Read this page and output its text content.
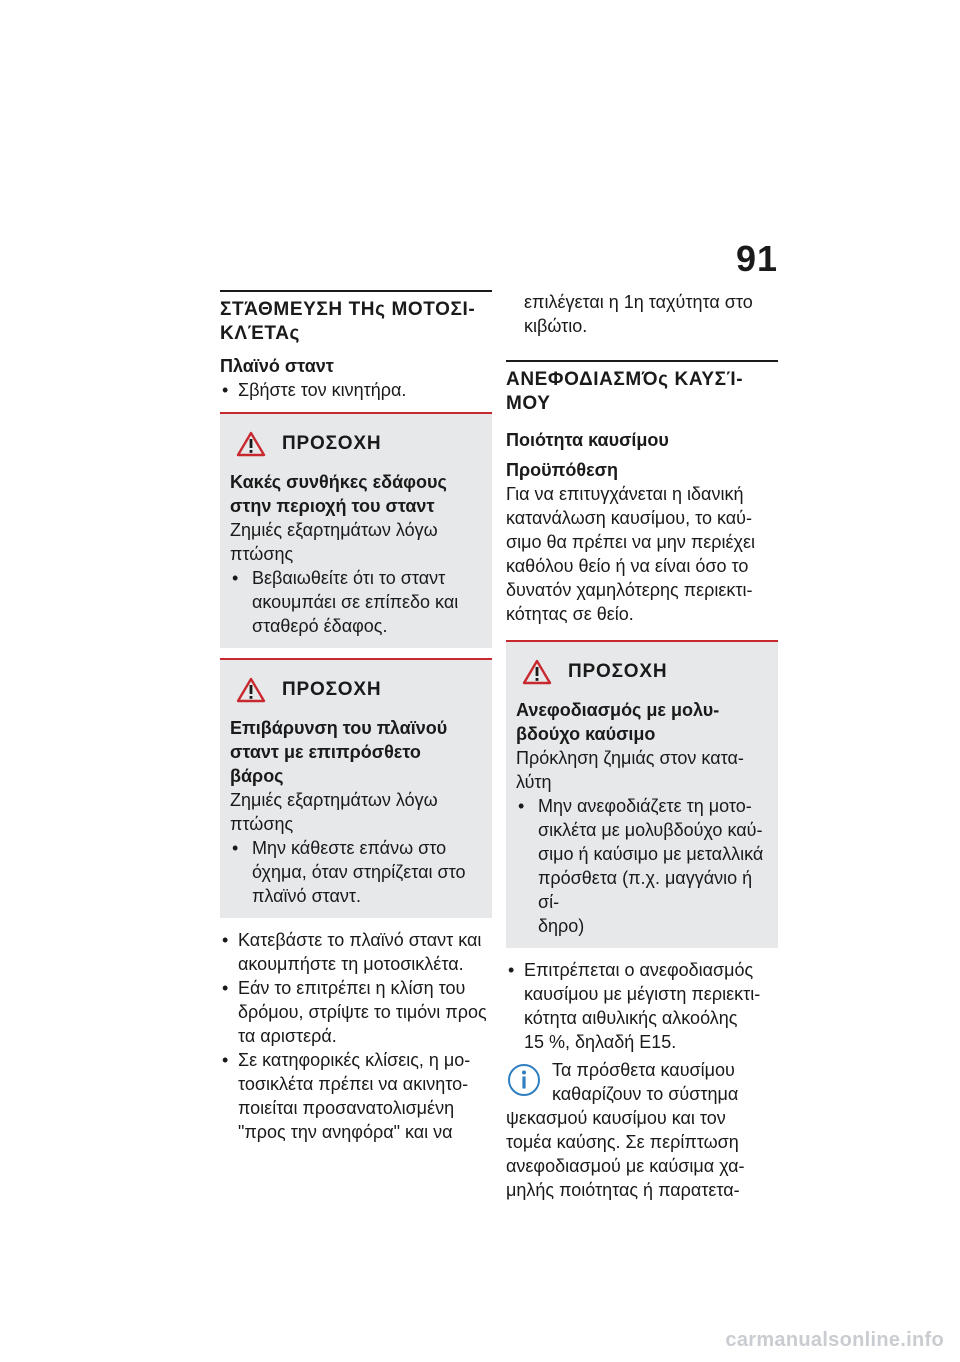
91
ΣΤΆΘΜΕΥΣΗ ΤΗς ΜΟΤΟΣΙ-
ΚΛΈΤΑς
Πλαϊνό σταντ
• Σβήστε τον κινητήρα.
ΠΡΟΣΟΧΗ
Κακές συνθήκες εδάφους
στην περιοχή του σταντ
Ζημιές εξαρτημάτων λόγω
πτώσης
• Βεβαιωθείτε ότι το σταντ
ακουμπάει σε επίπεδο και
σταθερό έδαφος.
ΠΡΟΣΟΧΗ
Επιβάρυνση του πλαϊνού
σταντ με επιπρόσθετο
βάρος
Ζημιές εξαρτημάτων λόγω
πτώσης
• Μην κάθεστε επάνω στο
όχημα, όταν στηρίζεται στο
πλαϊνό σταντ.
• Κατεβάστε το πλαϊνό σταντ και
ακουμπήστε τη μοτοσικλέτα.
• Εάν το επιτρέπει η κλίση του
δρόμου, στρίψτε το τιμόνι προς
τα αριστερά.
• Σε κατηφορικές κλίσεις, η μο-
τοσικλέτα πρέπει να ακινητο-
ποιείται προσανατολισμένη
"προς την ανηφόρα" και να
επιλέγεται η 1η ταχύτητα στο
κιβώτιο.
ΑΝΕΦΟΔΙΑΣΜΌς ΚΑΥΣΊ-
ΜΟΥ
Ποιότητα καυσίμου
Προϋπόθεση
Για να επιτυγχάνεται η ιδανική
κατανάλωση καυσίμου, το καύ-
σιμο θα πρέπει να μην περιέχει
καθόλου θείο ή να είναι όσο το
δυνατόν χαμηλότερης περιεκτι-
κότητας σε θείο.
ΠΡΟΣΟΧΗ
Ανεφοδιασμός με μολυ-
βδούχο καύσιμο
Πρόκληση ζημιάς στον κατα-
λύτη
• Μην ανεφοδιάζετε τη μοτο-
σικλέτα με μολυβδούχο καύ-
σιμο ή καύσιμο με μεταλλικά
πρόσθετα (π.χ. μαγγάνιο ή σί-
δηρο)
• Επιτρέπεται ο ανεφοδιασμός
καυσίμου με μέγιστη περιεκτι-
κότητα αιθυλικής αλκοόλης
15 %, δηλαδή E15.
Τα πρόσθετα καυσίμου
καθαρίζουν το σύστημα
ψεκασμού καυσίμου και τον
τομέα καύσης. Σε περίπτωση
ανεφοδιασμού με καύσιμα χα-
μηλής ποιότητας ή παρατετα-
carmanualsonline.info
